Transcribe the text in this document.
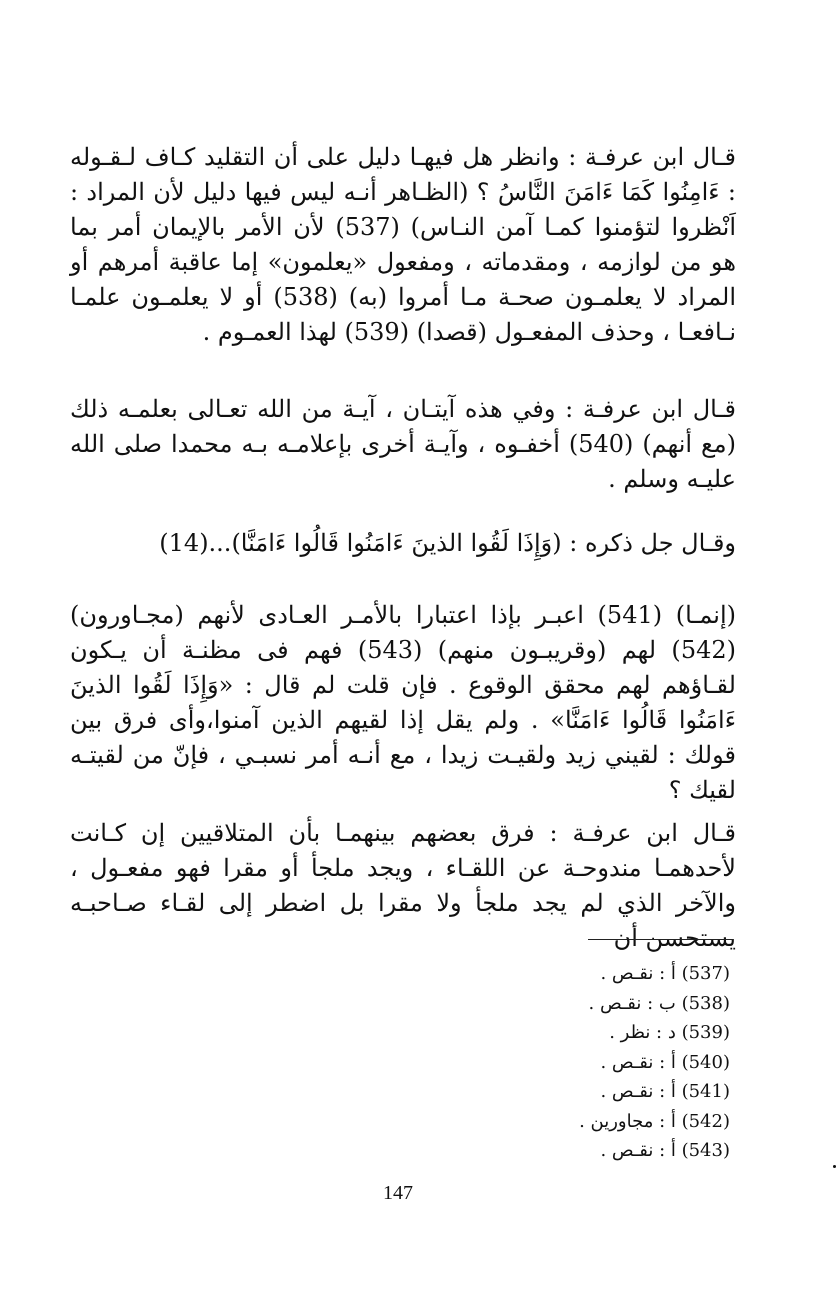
قـال ابن عرفـة : وانظر هل فيهـا دليل على أن التقليد كـاف لـقـوله : ءَامِنُوا كَمَا ءَامَنَ النَّاسُ ؟ (الظـاهر أنـه ليس فيها دليل لأن المراد : اَنْظروا لتؤمنوا كمـا آمن النـاس) (537) لأن الأمر بالإيمان أمر بما هو من لوازمه ، ومقدماته ، ومفعول «يعلمون» إما عاقبة أمرهم أو المراد لا يعلمـون صحـة مـا أمروا (به) (538) أو لا يعلمـون علمـا نـافعـا ، وحذف المفعـول (قصدا) (539) لهذا العمـوم .

قـال ابن عرفـة : وفي هذه آيتـان ، آيـة من الله تعـالى بعلمـه ذلك (مع أنهم) (540) أخفـوه ، وآيـة أخرى بإعلامـه بـه محمدا صلى الله عليـه وسلم .

وقـال جل ذكره : (وَإِذَا لَقُوا الذينَ ءَامَنُوا قَالُوا ءَامَنَّا)...(14)

(إنمـا) (541) اعبـر بإذا اعتبارا بالأمـر العـادى لأنهم (مجـاورون) (542) لهم (وقريبـون منهم) (543) فهم فى مظنـة أن يـكون لقـاؤهم لهم محقق الوقوع . فإن قلت لم قال : «وَإِذَا لَقُوا الذينَ ءَامَنُوا قَالُوا ءَامَنَّا» . ولم يقل إذا لقيهم الذين آمنوا،وأى فرق بين قولك : لقيني زيد ولقيـت زيدا ، مع أنـه أمر نسبـي ، فإنّ من لقيتـه لقيك ؟

قـال ابن عرفـة : فرق بعضهم بينهمـا بأن المتلاقيين إن كـانت لأحدهمـا مندوحـة عن اللقـاء ، ويجد ملجأ أو مقرا فهو مفعـول ، والآخر الذي لم يجد ملجأ ولا مقرا بل اضطر إلى لقـاء صـاحبـه يستحسن أن

(537) أ : نقـص .

(538) ب : نقـص .

(539) د : نظر .

(540) أ : نقـص .

(541) أ : نقـص .

(542) أ : مجاورين .

(543) أ : نقـص .

147
